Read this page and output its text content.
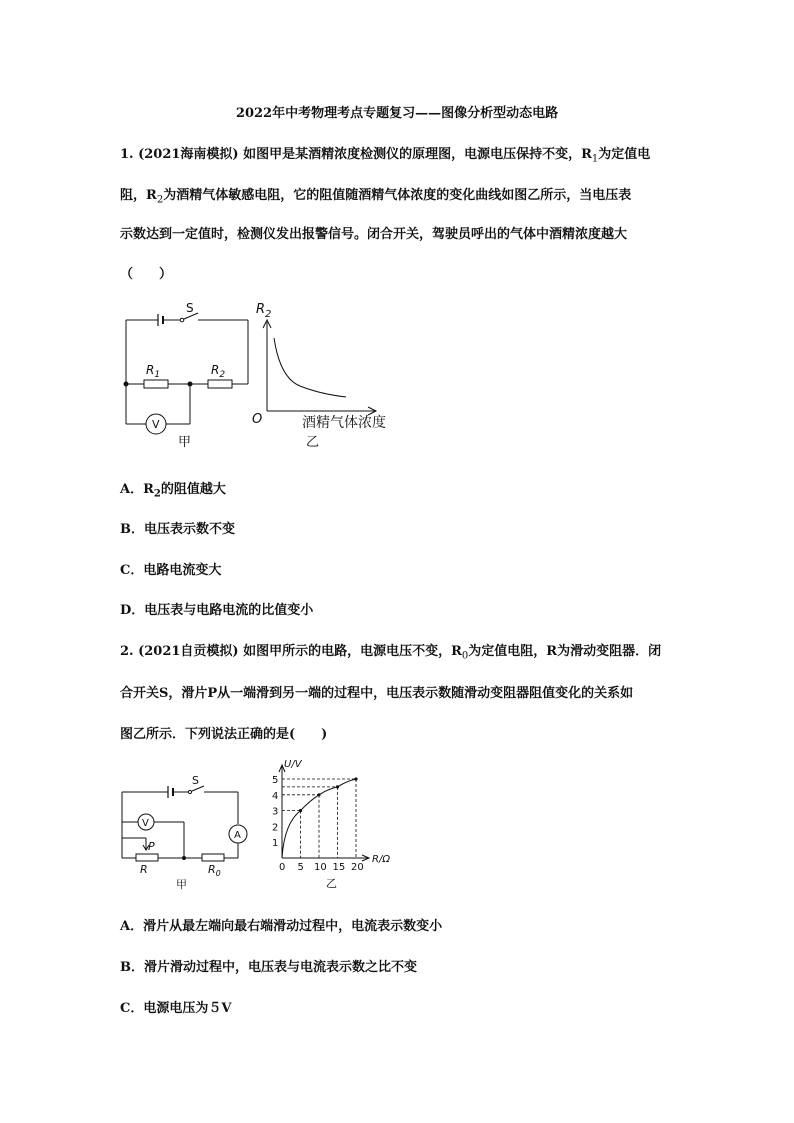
2022年中考物理考点专题复习——图像分析型动态电路
1. (2021海南模拟) 如图甲是某酒精浓度检测仪的原理图，电源电压保持不变，$R_1$为定值电
阻，$R_2$为酒精气体敏感电阻，它的阻值随酒精气体浓度的变化曲线如图乙所示，当电压表
示数达到一定值时，检测仪发出报警信号。闭合开关，驾驶员呼出的气体中酒精浓度越大
（　　）
S
$R_1$	$R_2$
V
甲
$R_2$
O	酒精气体浓度
乙
A．$R_2$的阻值越大
B．电压表示数不变
C．电路电流变大
D．电压表与电路电流的比值变小
2. (2021自贡模拟) 如图甲所示的电路，电源电压不变，$R_0$为定值电阻，R为滑动变阻器．闭
合开关S，滑片P从一端滑到另一端的过程中，电压表示数随滑动变阻器阻值变化的关系如
图乙所示．下列说法正确的是(　　)
S
V
A
P
R	$R_0$
甲
0 5 10 15 20
1
2
3
4
5
U/V
R/Ω
乙
A．滑片从最左端向最右端滑动过程中，电流表示数变小
B．滑片滑动过程中，电压表与电流表示数之比不变
C．电源电压为５V
